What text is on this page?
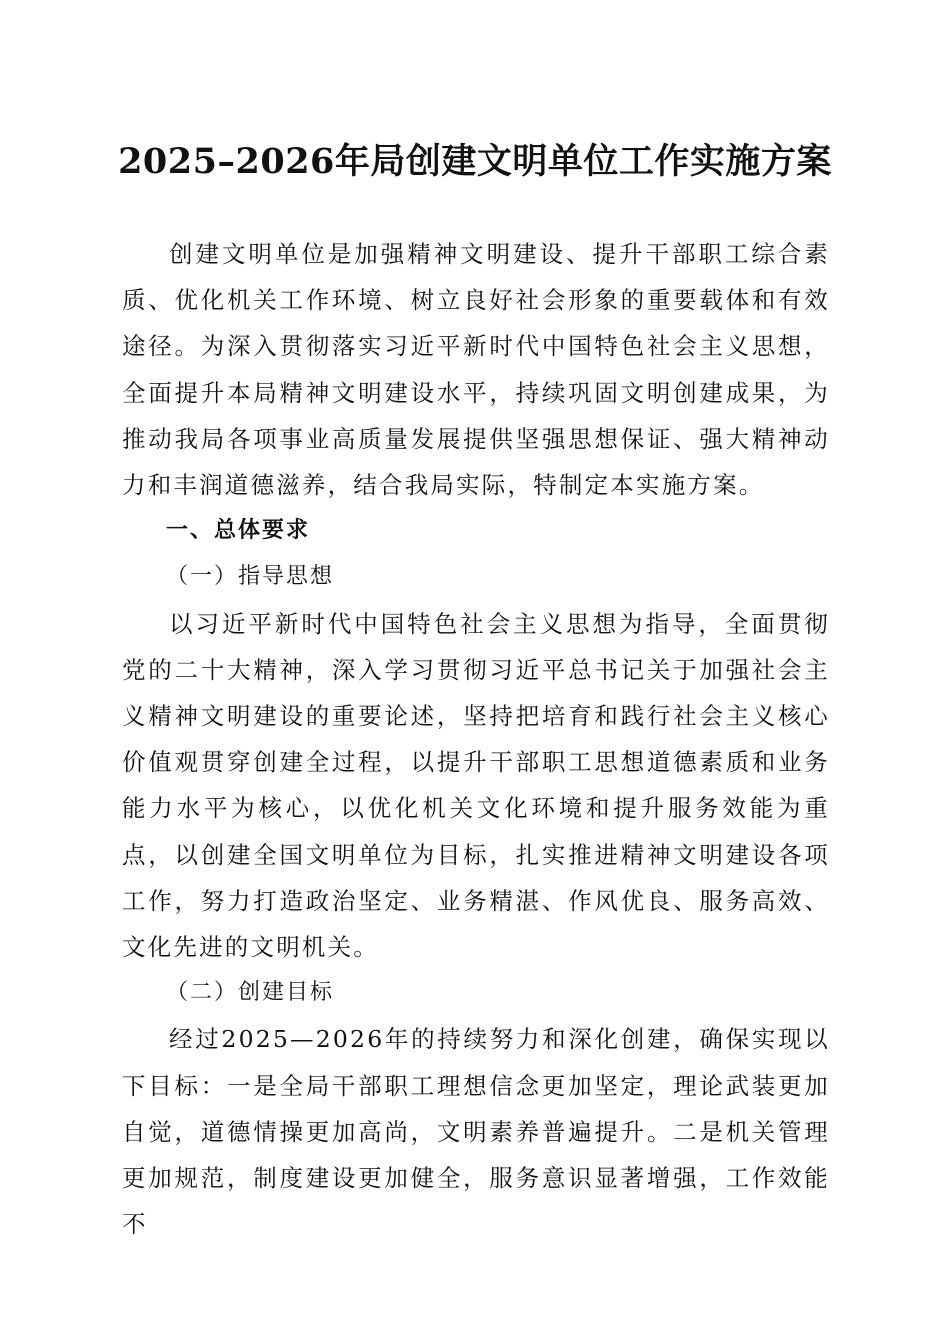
2025–2026年局创建文明单位工作实施方案

创建文明单位是加强精神文明建设、提升干部职工综合素质、优化机关工作环境、树立良好社会形象的重要载体和有效途径。为深入贯彻落实习近平新时代中国特色社会主义思想，全面提升本局精神文明建设水平，持续巩固文明创建成果，为推动我局各项事业高质量发展提供坚强思想保证、强大精神动力和丰润道德滋养，结合我局实际，特制定本实施方案。

一、总体要求

（一）指导思想

以习近平新时代中国特色社会主义思想为指导，全面贯彻党的二十大精神，深入学习贯彻习近平总书记关于加强社会主义精神文明建设的重要论述，坚持把培育和践行社会主义核心价值观贯穿创建全过程，以提升干部职工思想道德素质和业务能力水平为核心，以优化机关文化环境和提升服务效能为重点，以创建全国文明单位为目标，扎实推进精神文明建设各项工作，努力打造政治坚定、业务精湛、作风优良、服务高效、文化先进的文明机关。

（二）创建目标

经过2025—2026年的持续努力和深化创建，确保实现以下目标：一是全局干部职工理想信念更加坚定，理论武装更加自觉，道德情操更加高尚，文明素养普遍提升。二是机关管理更加规范，制度建设更加健全，服务意识显著增强，工作效能不
